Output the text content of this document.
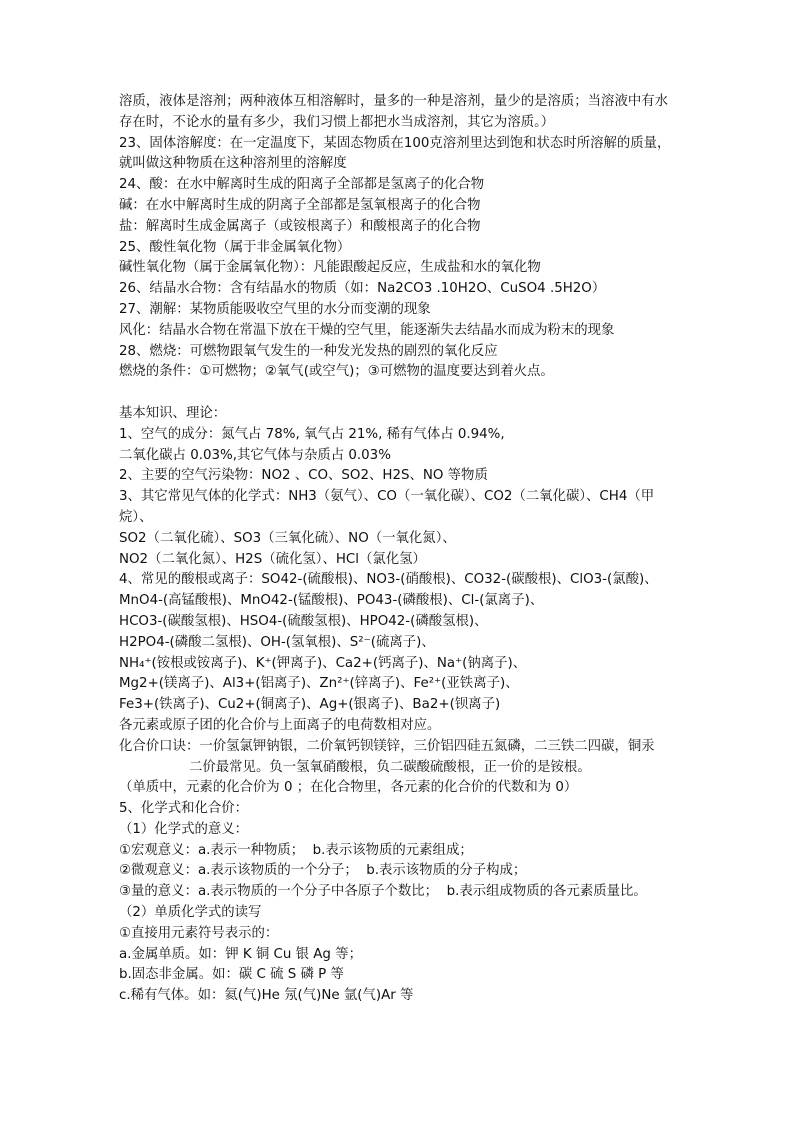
溶质，液体是溶剂；两种液体互相溶解时，量多的一种是溶剂，量少的是溶质；当溶液中有水存在时，不论水的量有多少，我们习惯上都把水当成溶剂，其它为溶质。）

23、固体溶解度：在一定温度下，某固态物质在100克溶剂里达到饱和状态时所溶解的质量，就叫做这种物质在这种溶剂里的溶解度

24、酸：在水中解离时生成的阳离子全部都是氢离子的化合物

碱：在水中解离时生成的阴离子全部都是氢氧根离子的化合物

盐：解离时生成金属离子（或铵根离子）和酸根离子的化合物

25、酸性氧化物（属于非金属氧化物）

碱性氧化物（属于金属氧化物）：凡能跟酸起反应，生成盐和水的氧化物

26、结晶水合物：含有结晶水的物质（如：Na2CO3 .10H2O、CuSO4 .5H2O）

27、潮解：某物质能吸收空气里的水分而变潮的现象

风化：结晶水合物在常温下放在干燥的空气里，能逐渐失去结晶水而成为粉末的现象

28、燃烧：可燃物跟氧气发生的一种发光发热的剧烈的氧化反应

燃烧的条件：①可燃物；②氧气(或空气)；③可燃物的温度要达到着火点。

基本知识、理论：

1、空气的成分：氮气占 78%, 氧气占 21%, 稀有气体占 0.94%,

二氧化碳占 0.03%,其它气体与杂质占 0.03%

2、主要的空气污染物：NO2 、CO、SO2、H2S、NO 等物质

3、其它常见气体的化学式：NH3（氨气）、CO（一氧化碳）、CO2（二氧化碳）、CH4（甲烷）、

SO2（二氧化硫）、SO3（三氧化硫）、NO（一氧化氮）、

NO2（二氧化氮）、H2S（硫化氢）、HCl（氯化氢）

4、常见的酸根或离子：SO42-(硫酸根)、NO3-(硝酸根)、CO32-(碳酸根)、ClO3-(氯酸)、

MnO4-(高锰酸根)、MnO42-(锰酸根)、PO43-(磷酸根)、Cl-(氯离子)、

HCO3-(碳酸氢根)、HSO4-(硫酸氢根)、HPO42-(磷酸氢根)、

H2PO4-(磷酸二氢根)、OH-(氢氧根)、S²⁻(硫离子)、

NH₄⁺(铵根或铵离子)、K⁺(钾离子)、Ca2+(钙离子)、Na⁺(钠离子)、

Mg2+(镁离子)、Al3+(铝离子)、Zn²⁺(锌离子)、Fe²⁺(亚铁离子)、

Fe3+(铁离子)、Cu2+(铜离子)、Ag+(银离子)、Ba2+(钡离子)

各元素或原子团的化合价与上面离子的电荷数相对应。

化合价口诀：一价氢氯钾钠银，二价氧钙钡镁锌，三价铝四硅五氮磷，二三铁二四碳，铜汞

二价最常见。负一氢氧硝酸根，负二碳酸硫酸根，正一价的是铵根。

（单质中，元素的化合价为 0 ；在化合物里，各元素的化合价的代数和为 0）

5、化学式和化合价：

（1）化学式的意义：

①宏观意义：a.表示一种物质；  b.表示该物质的元素组成；

②微观意义：a.表示该物质的一个分子；  b.表示该物质的分子构成；

③量的意义：a.表示物质的一个分子中各原子个数比；  b.表示组成物质的各元素质量比。

（2）单质化学式的读写

①直接用元素符号表示的：

a.金属单质。如：钾 K 铜 Cu 银 Ag 等；

b.固态非金属。如：碳 C 硫 S 磷 P 等

c.稀有气体。如：氦(气)He 氖(气)Ne 氩(气)Ar 等
